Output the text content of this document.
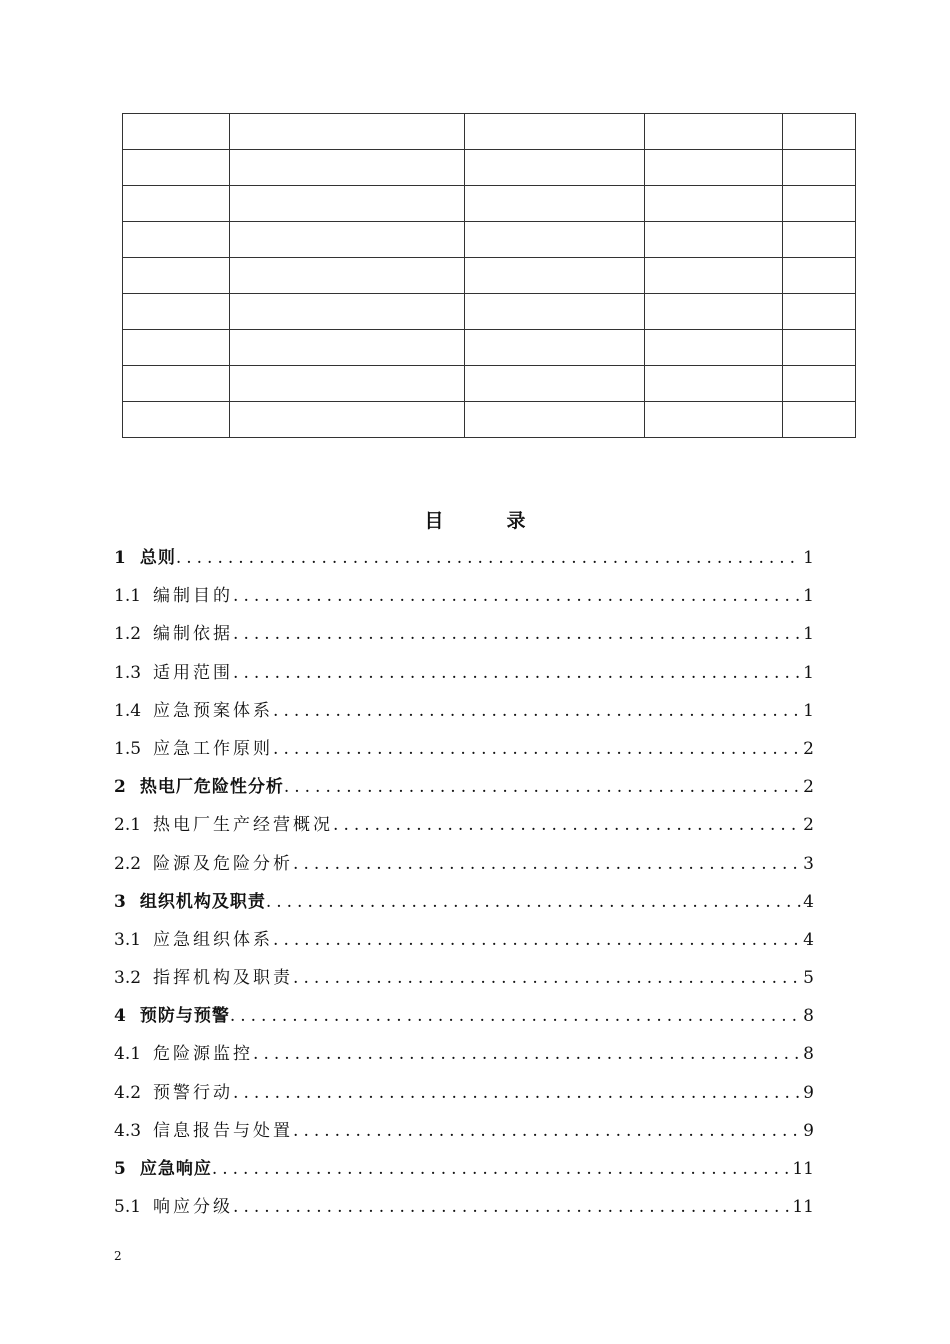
目　录
1 总则 .....	1
1.1 编制目的 .....	1
1.2 编制依据 .....	1
1.3 适用范围 .....	1
1.4 应急预案体系 .....	1
1.5 应急工作原则 .....	2
2 热电厂危险性分析 .....	2
2.1 热电厂生产经营概况 .....	2
2.2 险源及危险分析 .....	3
3 组织机构及职责 .....	4
3.1 应急组织体系 .....	4
3.2 指挥机构及职责 .....	5
4 预防与预警 .....	8
4.1 危险源监控 .....	8
4.2 预警行动 .....	9
4.3 信息报告与处置 .....	9
5 应急响应 .....	11
5.1 响应分级 .....	11
2
